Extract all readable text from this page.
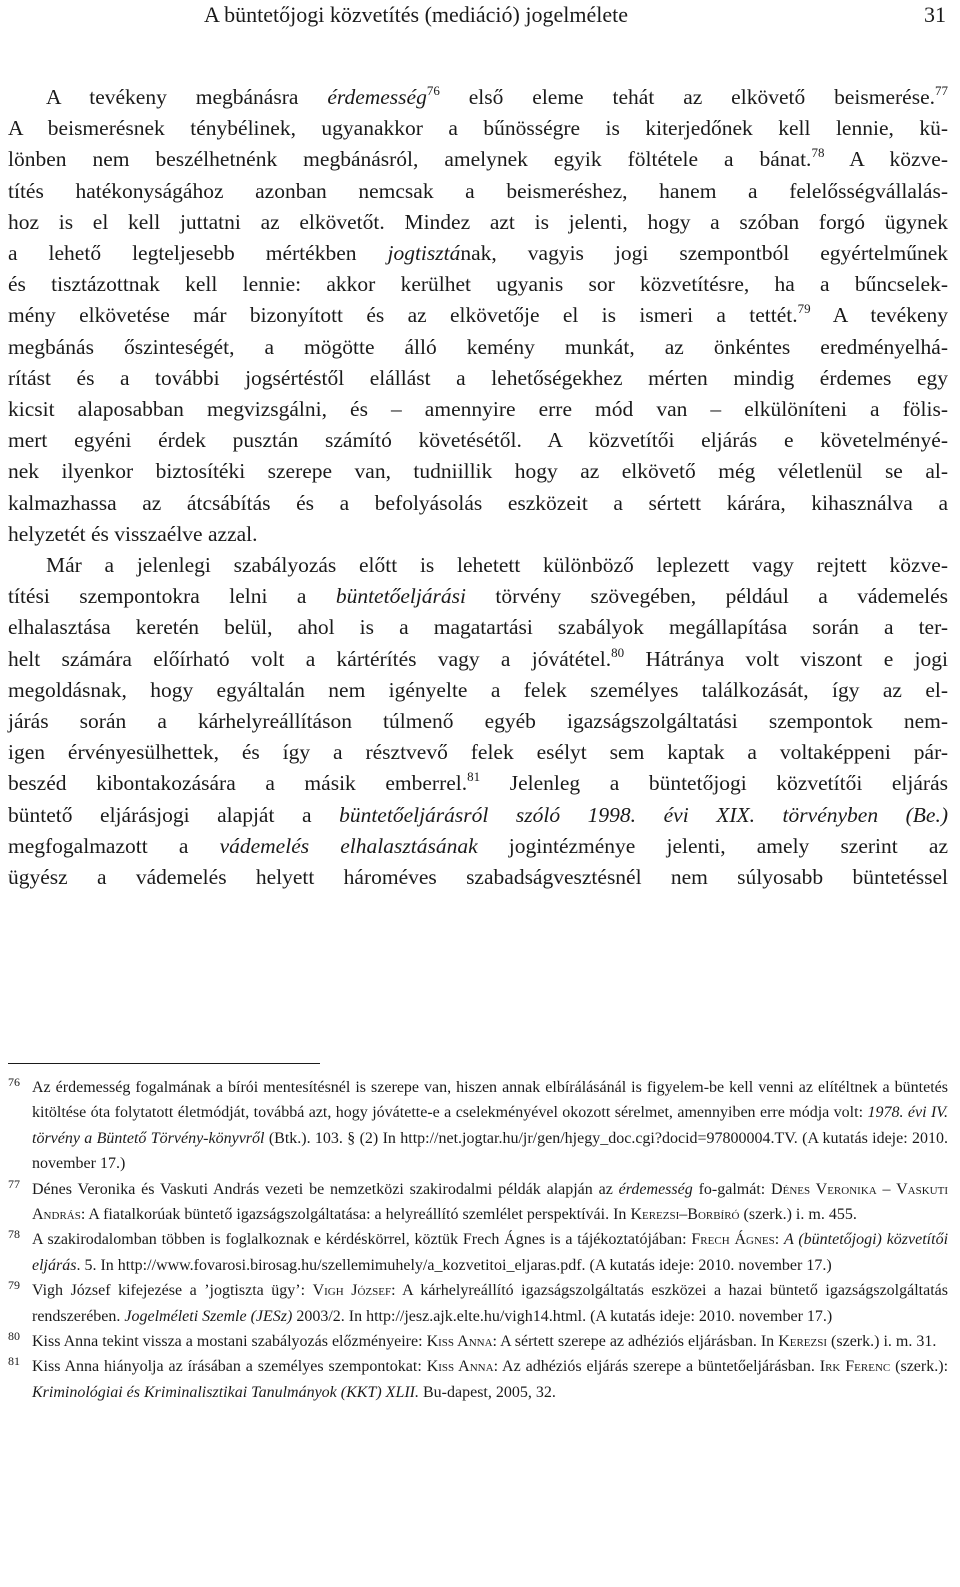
A büntetőjogi közvetítés (mediáció) jogelmélete	31
A tevékeny megbánásra érdemesség$^{76}$ első eleme tehát az elkövető beismerése.$^{77}$
A beismerésnek ténybélinek, ugyanakkor a bűnösségre is kiterjedőnek kell lennie, kü-
lönben nem beszélhetnénk megbánásról, amelynek egyik föltétele a bánat.$^{78}$ A közve-
títés hatékonyságához azonban nemcsak a beismeréshez, hanem a felelősségvállalás-
hoz is el kell juttatni az elkövetőt. Mindez azt is jelenti, hogy a szóban forgó ügynek
a lehető legteljesebb mértékben jogtisztának, vagyis jogi szempontból egyértelműnek
és tisztázottnak kell lennie: akkor kerülhet ugyanis sor közvetítésre, ha a bűncselek-
mény elkövetése már bizonyított és az elkövetője el is ismeri a tettét.$^{79}$ A tevékeny
megbánás őszinteségét, a mögötte álló kemény munkát, az önkéntes eredményelhá-
rítást és a további jogsértéstől elállást a lehetőségekhez mérten mindig érdemes egy
kicsit alaposabban megvizsgálni, és – amennyire erre mód van – elkülöníteni a fölis-
mert egyéni érdek pusztán számító követésétől. A közvetítői eljárás e követelményé-
nek ilyenkor biztosítéki szerepe van, tudniillik hogy az elkövető még véletlenül se al-
kalmazhassa az átcsábítás és a befolyásolás eszközeit a sértett kárára, kihasználva a
helyzetét és visszaélve azzal.
Már a jelenlegi szabályozás előtt is lehetett különböző leplezett vagy rejtett közve-
títési szempontokra lelni a büntetőeljárási törvény szövegében, például a vádemelés
elhalasztása keretén belül, ahol is a magatartási szabályok megállapítása során a ter-
helt számára előírható volt a kártérítés vagy a jóvátétel.$^{80}$ Hátránya volt viszont e jogi
megoldásnak, hogy egyáltalán nem igényelte a felek személyes találkozását, így az el-
járás során a kárhelyreállításon túlmenő egyéb igazságszolgáltatási szempontok nem-
igen érvényesülhettek, és így a résztvevő felek esélyt sem kaptak a voltaképpeni pár-
beszéd kibontakozására a másik emberrel.$^{81}$ Jelenleg a büntetőjogi közvetítői eljárás
büntető eljárásjogi alapját a büntetőeljárásról szóló 1998. évi XIX. törvényben (Be.)
megfogalmazott a vádemelés elhalasztásának jogintézménye jelenti, amely szerint az
ügyész a vádemelés helyett hároméves szabadságvesztésnél nem súlyosabb büntetéssel
76 Az érdemesség fogalmának a bírói mentesítésnél is szerepe van, hiszen annak elbírálásánál is figyelem-be kell venni az elítéltnek a büntetés kitöltése óta folytatott életmódját, továbbá azt, hogy jóvátette-e a cselekményével okozott sérelmet, amennyiben erre módja volt: 1978. évi IV. törvény a Büntető Törvény-könyvről (Btk.). 103. § (2) In http://net.jogtar.hu/jr/gen/hjegy_doc.cgi?docid=97800004.TV. (A kutatás ideje: 2010. november 17.)
77 Dénes Veronika és Vaskuti András vezeti be nemzetközi szakirodalmi példák alapján az érdemesség fo-galmát: Dénes Veronika – Vaskuti András: A fiatalkorúak büntető igazságszolgáltatása: a helyreállító szemlélet perspektívái. In Kerezsi–Borbíró (szerk.) i. m. 455.
78 A szakirodalomban többen is foglalkoznak e kérdéskörrel, köztük Frech Ágnes is a tájékoztatójában: Frech Ágnes: A (büntetőjogi) közvetítői eljárás. 5. In http://www.fovarosi.birosag.hu/szellemimuhely/a_kozvetitoi_eljaras.pdf. (A kutatás ideje: 2010. november 17.)
79 Vigh József kifejezése a ’jogtiszta ügy’: Vigh József: A kárhelyreállító igazságszolgáltatás eszközei a hazai büntető igazságszolgáltatás rendszerében. Jogelméleti Szemle (JESz) 2003/2. In http://jesz.ajk.elte.hu/vigh14.html. (A kutatás ideje: 2010. november 17.)
80 Kiss Anna tekint vissza a mostani szabályozás előzményeire: Kiss Anna: A sértett szerepe az adhéziós eljárásban. In Kerezsi (szerk.) i. m. 31.
81 Kiss Anna hiányolja az írásában a személyes szempontokat: Kiss Anna: Az adhéziós eljárás szerepe a büntetőeljárásban. Irk Ferenc (szerk.): Kriminológiai és Kriminalisztikai Tanulmányok (KKT) XLII. Bu-dapest, 2005, 32.
